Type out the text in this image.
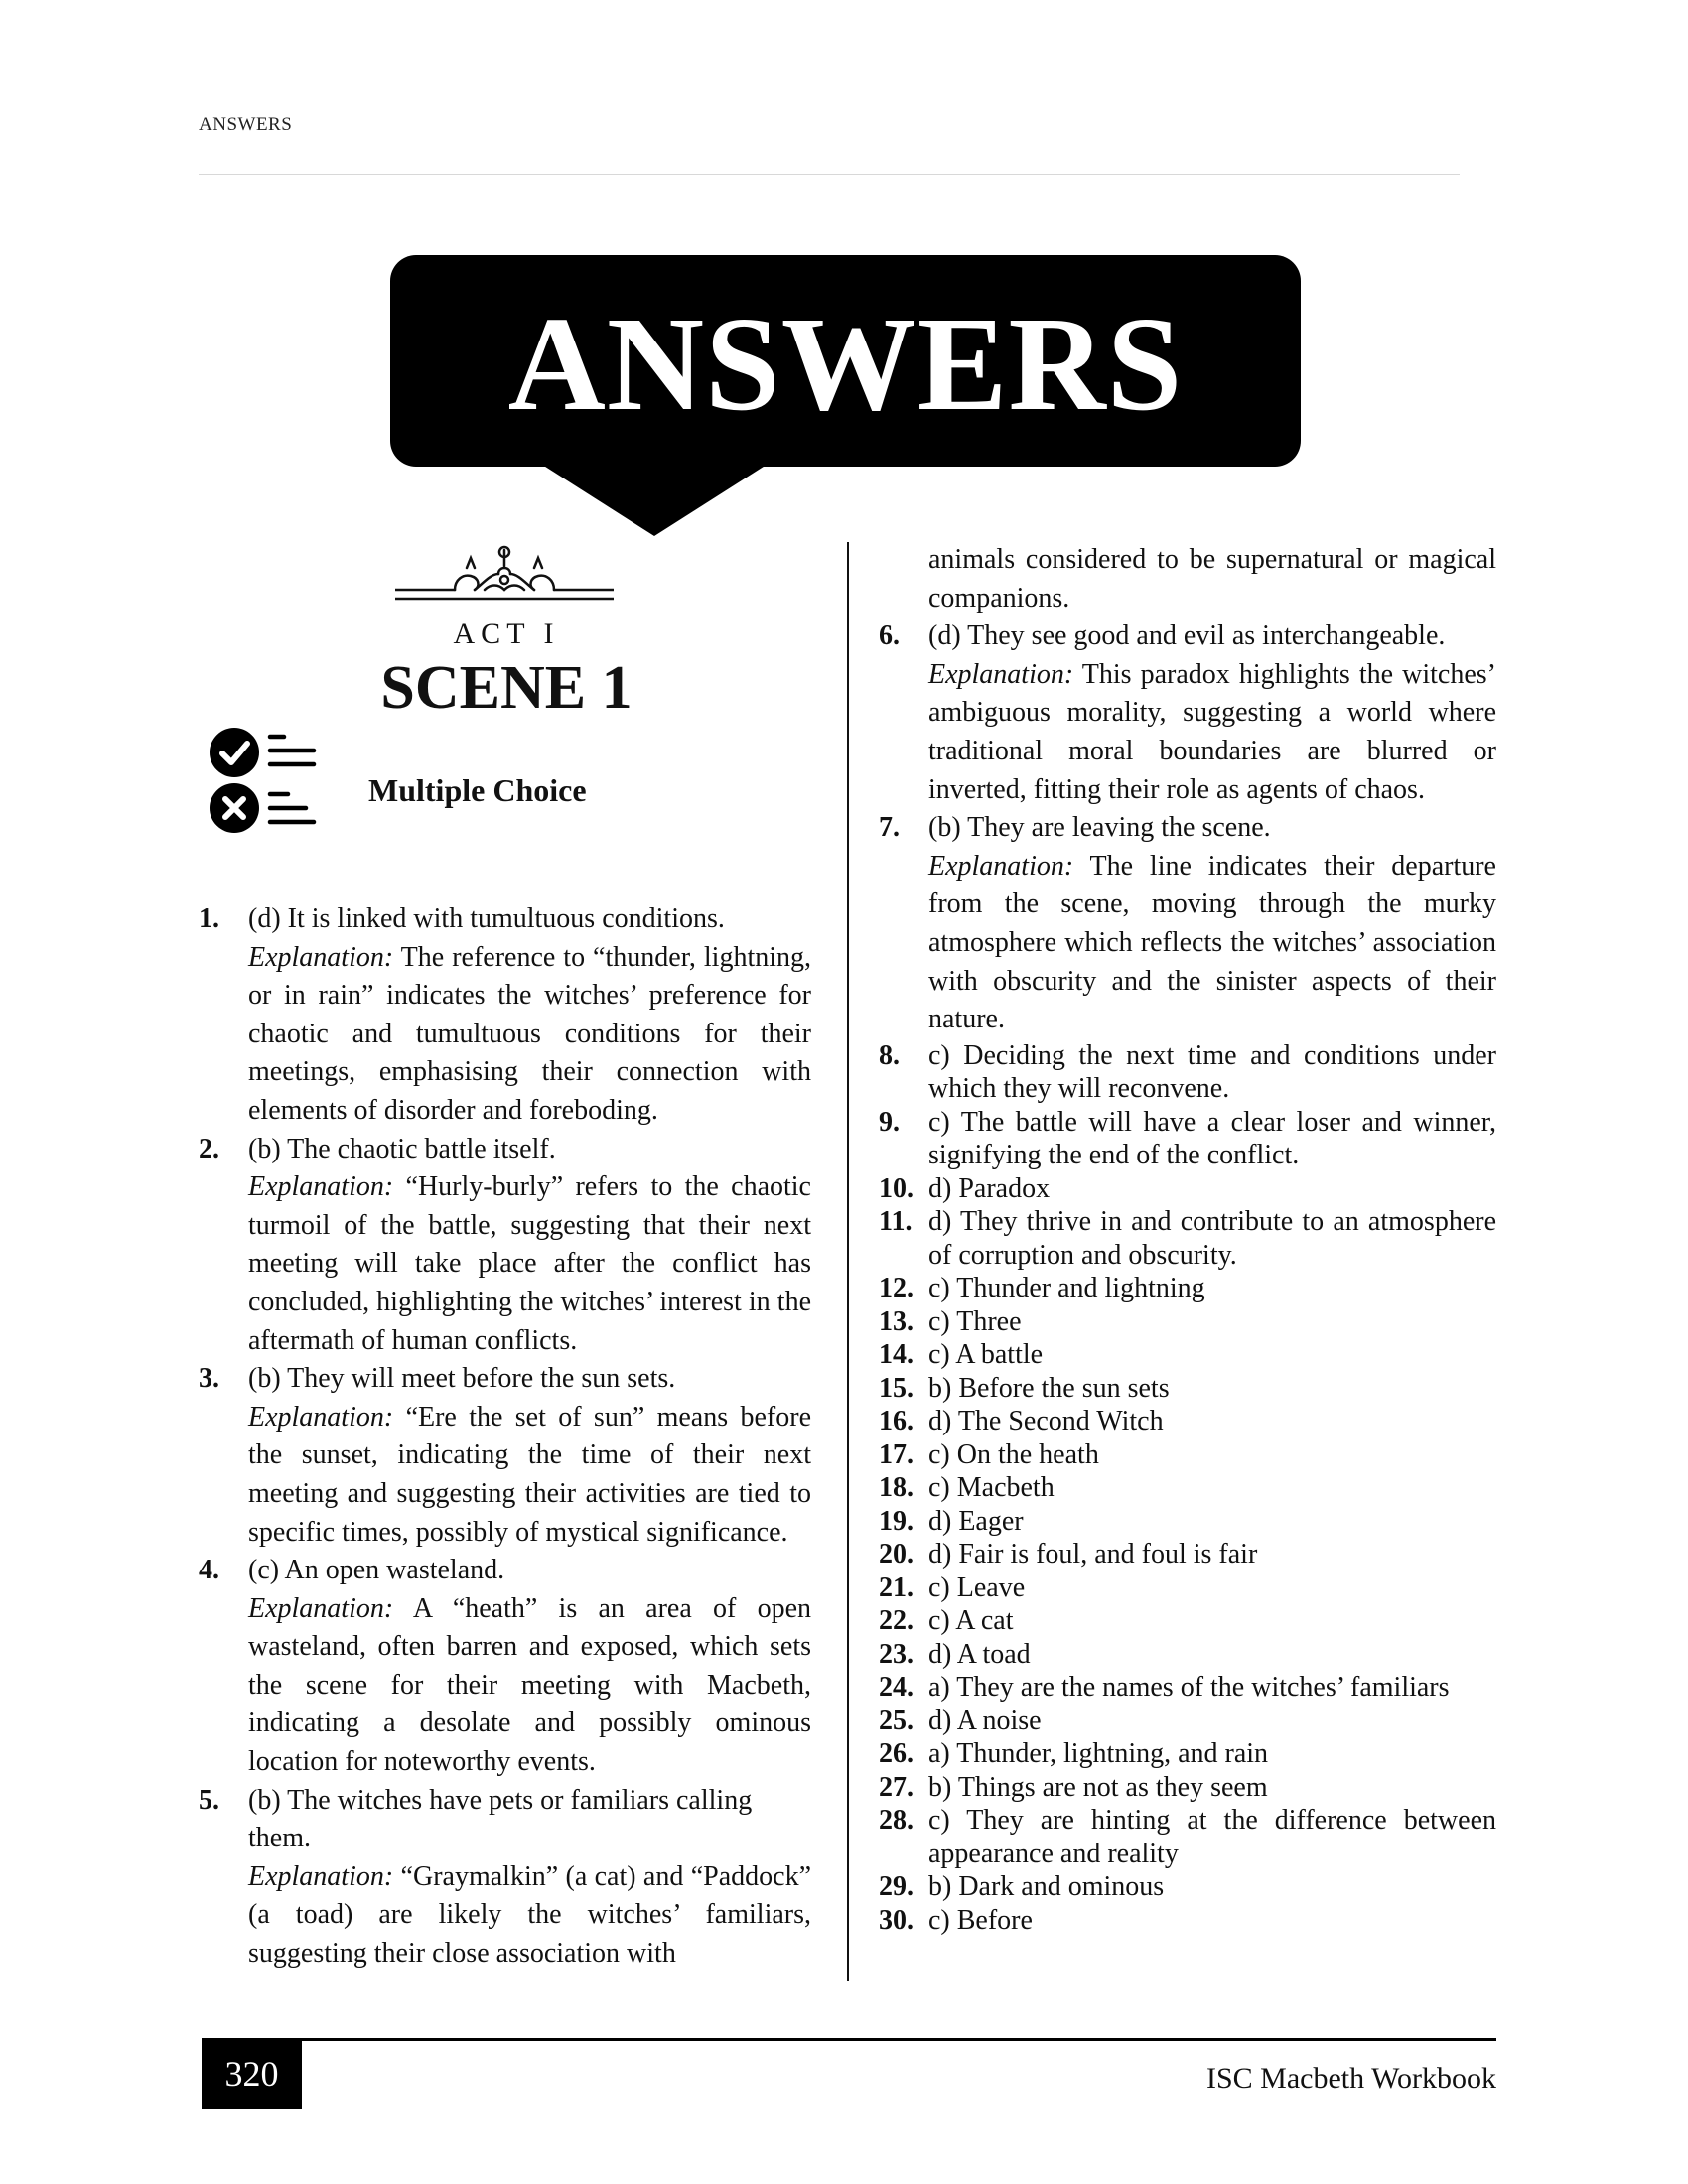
ANSWERS
ANSWERS
ACT I
SCENE 1
Multiple Choice
1.	(d) It is linked with tumultuous conditions.
Explanation: The reference to “thunder, lightning, or in rain” indicates the witches’ preference for chaotic and tumultuous conditions for their meetings, emphasising their connection with elements of disorder and foreboding.
2.	(b) The chaotic battle itself.
Explanation: “Hurly-burly” refers to the chaotic turmoil of the battle, suggesting that their next meeting will take place after the conflict has concluded, highlighting the witches’ interest in the aftermath of human conflicts.
3.	(b) They will meet before the sun sets.
Explanation: “Ere the set of sun” means before the sunset, indicating the time of their next meeting and suggesting their activities are tied to specific times, possibly of mystical significance.
4.	(c) An open wasteland.
Explanation: A “heath” is an area of open wasteland, often barren and exposed, which sets the scene for their meeting with Macbeth, indicating a desolate and possibly ominous location for noteworthy events.
5.	(b) The witches have pets or familiars calling them.
Explanation: “Graymalkin” (a cat) and “Paddock” (a toad) are likely the witches’ familiars, suggesting their close association with
animals considered to be supernatural or magical companions.
6.	(d) They see good and evil as interchangeable.
Explanation: This paradox highlights the witches’ ambiguous morality, suggesting a world where traditional moral boundaries are blurred or inverted, fitting their role as agents of chaos.
7.	(b) They are leaving the scene.
Explanation: The line indicates their departure from the scene, moving through the murky atmosphere which reflects the witches’ association with obscurity and the sinister aspects of their nature.
8.	c) Deciding the next time and conditions under which they will reconvene.
9.	c) The battle will have a clear loser and winner, signifying the end of the conflict.
10. d) Paradox
11. d) They thrive in and contribute to an atmosphere of corruption and obscurity.
12. c) Thunder and lightning
13. c) Three
14. c) A battle
15. b) Before the sun sets
16. d) The Second Witch
17. c) On the heath
18. c) Macbeth
19. d) Eager
20. d) Fair is foul, and foul is fair
21. c) Leave
22. c) A cat
23. d) A toad
24. a) They are the names of the witches’ familiars
25. d) A noise
26. a) Thunder, lightning, and rain
27. b) Things are not as they seem
28. c) They are hinting at the difference between appearance and reality
29. b) Dark and ominous
30. c) Before
320	ISC Macbeth Workbook
